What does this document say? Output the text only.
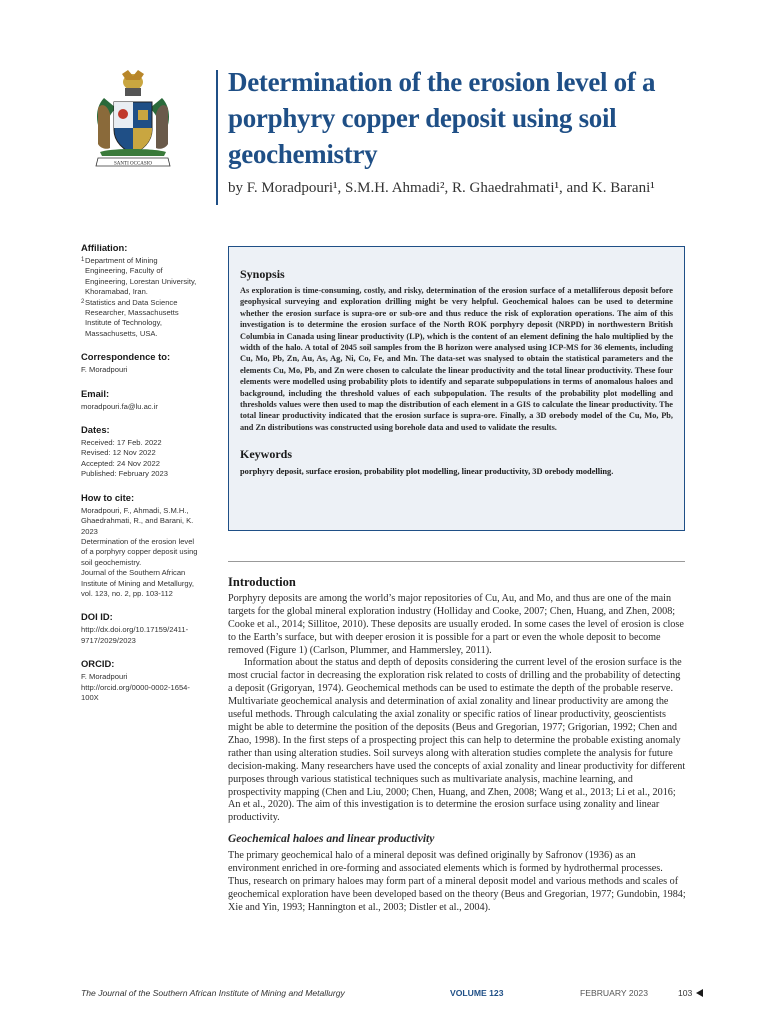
SANTI OCCASIO
Determination of the erosion level of a porphyry copper deposit using soil geochemistry
by F. Moradpouri¹, S.M.H. Ahmadi², R. Ghaedrahmati¹, and K. Barani¹
Affiliation:
1 Department of Mining
Engineering, Faculty of
Engineering, Lorestan University,
Khoramabad, Iran.
2 Statistics and Data Science
Researcher, Massachusetts
Institute of Technology,
Massachusetts, USA.
Correspondence to:
F. Moradpouri
Email:
moradpouri.fa@lu.ac.ir
Dates:
Received: 17 Feb. 2022
Revised: 12 Nov 2022
Accepted: 24 Nov 2022
Published: February 2023
How to cite:
Moradpouri, F., Ahmadi, S.M.H.,
Ghaedrahmati, R., and Barani, K.
2023
Determination of the erosion level
of a porphyry copper deposit using
soil geochemistry.
Journal of the Southern African
Institute of Mining and Metallurgy,
vol. 123, no. 2, pp. 103-112
DOI ID:
http://dx.doi.org/10.17159/2411-
9717/2029/2023
ORCID:
F. Moradpouri
http://orcid.org/0000-0002-1654-
100X
Synopsis
As exploration is time-consuming, costly, and risky, determination of the erosion surface of a metalliferous deposit before geophysical surveying and exploration drilling might be very helpful. Geochemical haloes can be used to determine whether the erosion surface is supra-ore or sub-ore and thus reduce the risk of exploration operations. The aim of this investigation is to determine the erosion surface of the North ROK porphyry deposit (NRPD) in northwestern British Columbia in Canada using linear productivity (LP), which is the content of an element defining the halo multiplied by the width of the halo. A total of 2045 soil samples from the B horizon were analysed using ICP-MS for 36 elements, including Cu, Mo, Pb, Zn, Au, As, Ag, Ni, Co, Fe, and Mn. The data-set was snalysed to obtain the statistical parameters and the elements Cu, Mo, Pb, and Zn were chosen to calculate the linear productivity and the total linear productivity. These four elements were modelled using probability plots to identify and separate subpopulations in terms of anomalous haloes and background, including the threshold values of each subpopulation. The results of the probability plot modelling and thresholds values were then used to map the distribution of each element in a GIS to calculate the linear productivity. The total linear productivity indicated that the erosion surface is supra-ore. Finally, a 3D orebody model of the Cu, Mo, Pb, and Zn distributions was constructed using borehole data and used to validate the results.
Keywords
porphyry deposit, surface erosion, probability plot modelling, linear productivity, 3D orebody modelling.
Introduction

Porphyry deposits are among the world’s major repositories of Cu, Au, and Mo, and thus are one of the main targets for the global mineral exploration industry (Holliday and Cooke, 2007; Chen, Huang, and Zhen, 2008; Cooke et al., 2014; Sillitoe, 2010). These deposits are usually eroded. In some cases the level of erosion is close to the Earth’s surface, but with deeper erosion it is possible for a part or even the whole deposit to become removed (Figure 1) (Carlson, Plummer, and Hammersley, 2011).

Information about the status and depth of deposits considering the current level of the erosion surface is the most crucial factor in decreasing the exploration risk related to costs of drilling and the probability of detecting a deposit (Grigoryan, 1974). Geochemical methods can be used to estimate the depth of the probable reserve. Multivariate geochemical analysis and determination of axial zonality and linear productivity are among the useful methods. Through calculating the axial zonality or specific ratios of linear productivity, geoscientists might be able to determine the position of the deposits (Beus and Gregorian, 1977; Grigorian, 1992; Chen and Zhao, 1998). In the first steps of a prospecting project this can help to determine the probable existing anomaly rather than using alteration studies. Soil surveys along with alteration studies complete the analysis for future decision-making. Many researchers have used the concepts of axial zonality and linear productivity for different purposes through various statistical techniques such as multivariate analysis, machine learning, and prospectivity mapping (Chen and Liu, 2000; Chen, Huang, and Zhen, 2008; Wang et al., 2013; Li et al., 2016; An et al., 2020). The aim of this investigation is to determine the erosion surface using zonality and linear productivity.

Geochemical haloes and linear productivity

The primary geochemical halo of a mineral deposit was defined originally by Safronov (1936) as an environment enriched in ore-forming and associated elements which is formed by hydrothermal processes. Thus, research on primary haloes may form part of a mineral deposit model and various methods and scales of geochemical exploration have been developed based on the theory (Beus and Gregorian, 1977; Gundobin, 1984; Xie and Yin, 1993; Hannington et al., 2003; Distler et al., 2004).

The Journal of the Southern African Institute of Mining and Metallurgy	VOLUME 123	FEBRUARY 2023	103
